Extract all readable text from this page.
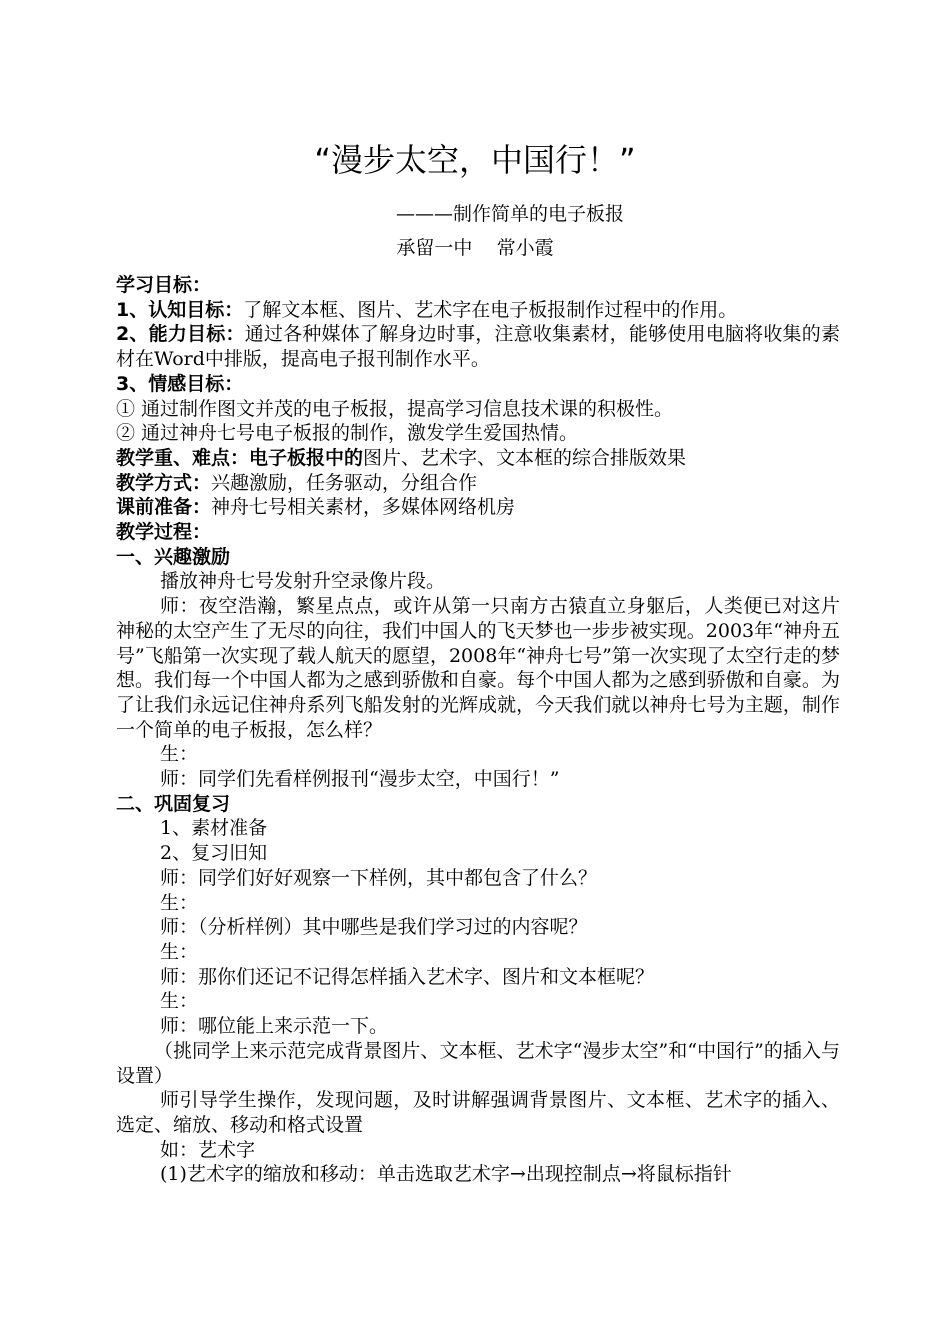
“漫步太空，中国行！”
———制作简单的电子板报
承留一中    常小霞

学习目标：

1、认知目标：了解文本框、图片、艺术字在电子板报制作过程中的作用。

2、能力目标：通过各种媒体了解身边时事，注意收集素材，能够使用电脑将收集的素材在Word中排版，提高电子报刊制作水平。

3、情感目标：

① 通过制作图文并茂的电子板报，提高学习信息技术课的积极性。

② 通过神舟七号电子板报的制作，激发学生爱国热情。

教学重、难点：电子板报中的图片、艺术字、文本框的综合排版效果

教学方式：兴趣激励，任务驱动，分组合作

课前准备：神舟七号相关素材，多媒体网络机房

教学过程：

一、兴趣激励

播放神舟七号发射升空录像片段。

师：夜空浩瀚，繁星点点，或许从第一只南方古猿直立身躯后，人类便已对这片神秘的太空产生了无尽的向往，我们中国人的飞天梦也一步步被实现。2003年“神舟五号”飞船第一次实现了载人航天的愿望，2008年“神舟七号”第一次实现了太空行走的梦想。我们每一个中国人都为之感到骄傲和自豪。每个中国人都为之感到骄傲和自豪。为了让我们永远记住神舟系列飞船发射的光辉成就，今天我们就以神舟七号为主题，制作一个简单的电子板报，怎么样？

生：

师：同学们先看样例报刊“漫步太空，中国行！”

二、巩固复习

1、素材准备

2、复习旧知

师：同学们好好观察一下样例，其中都包含了什么？

生：

师：（分析样例）其中哪些是我们学习过的内容呢？

生：

师：那你们还记不记得怎样插入艺术字、图片和文本框呢？

生：

师：哪位能上来示范一下。

（挑同学上来示范完成背景图片、文本框、艺术字“漫步太空”和“中国行”的插入与设置）

师引导学生操作，发现问题，及时讲解强调背景图片、文本框、艺术字的插入、选定、缩放、移动和格式设置

如：艺术字

(1)艺术字的缩放和移动：单击选取艺术字→出现控制点→将鼠标指针
